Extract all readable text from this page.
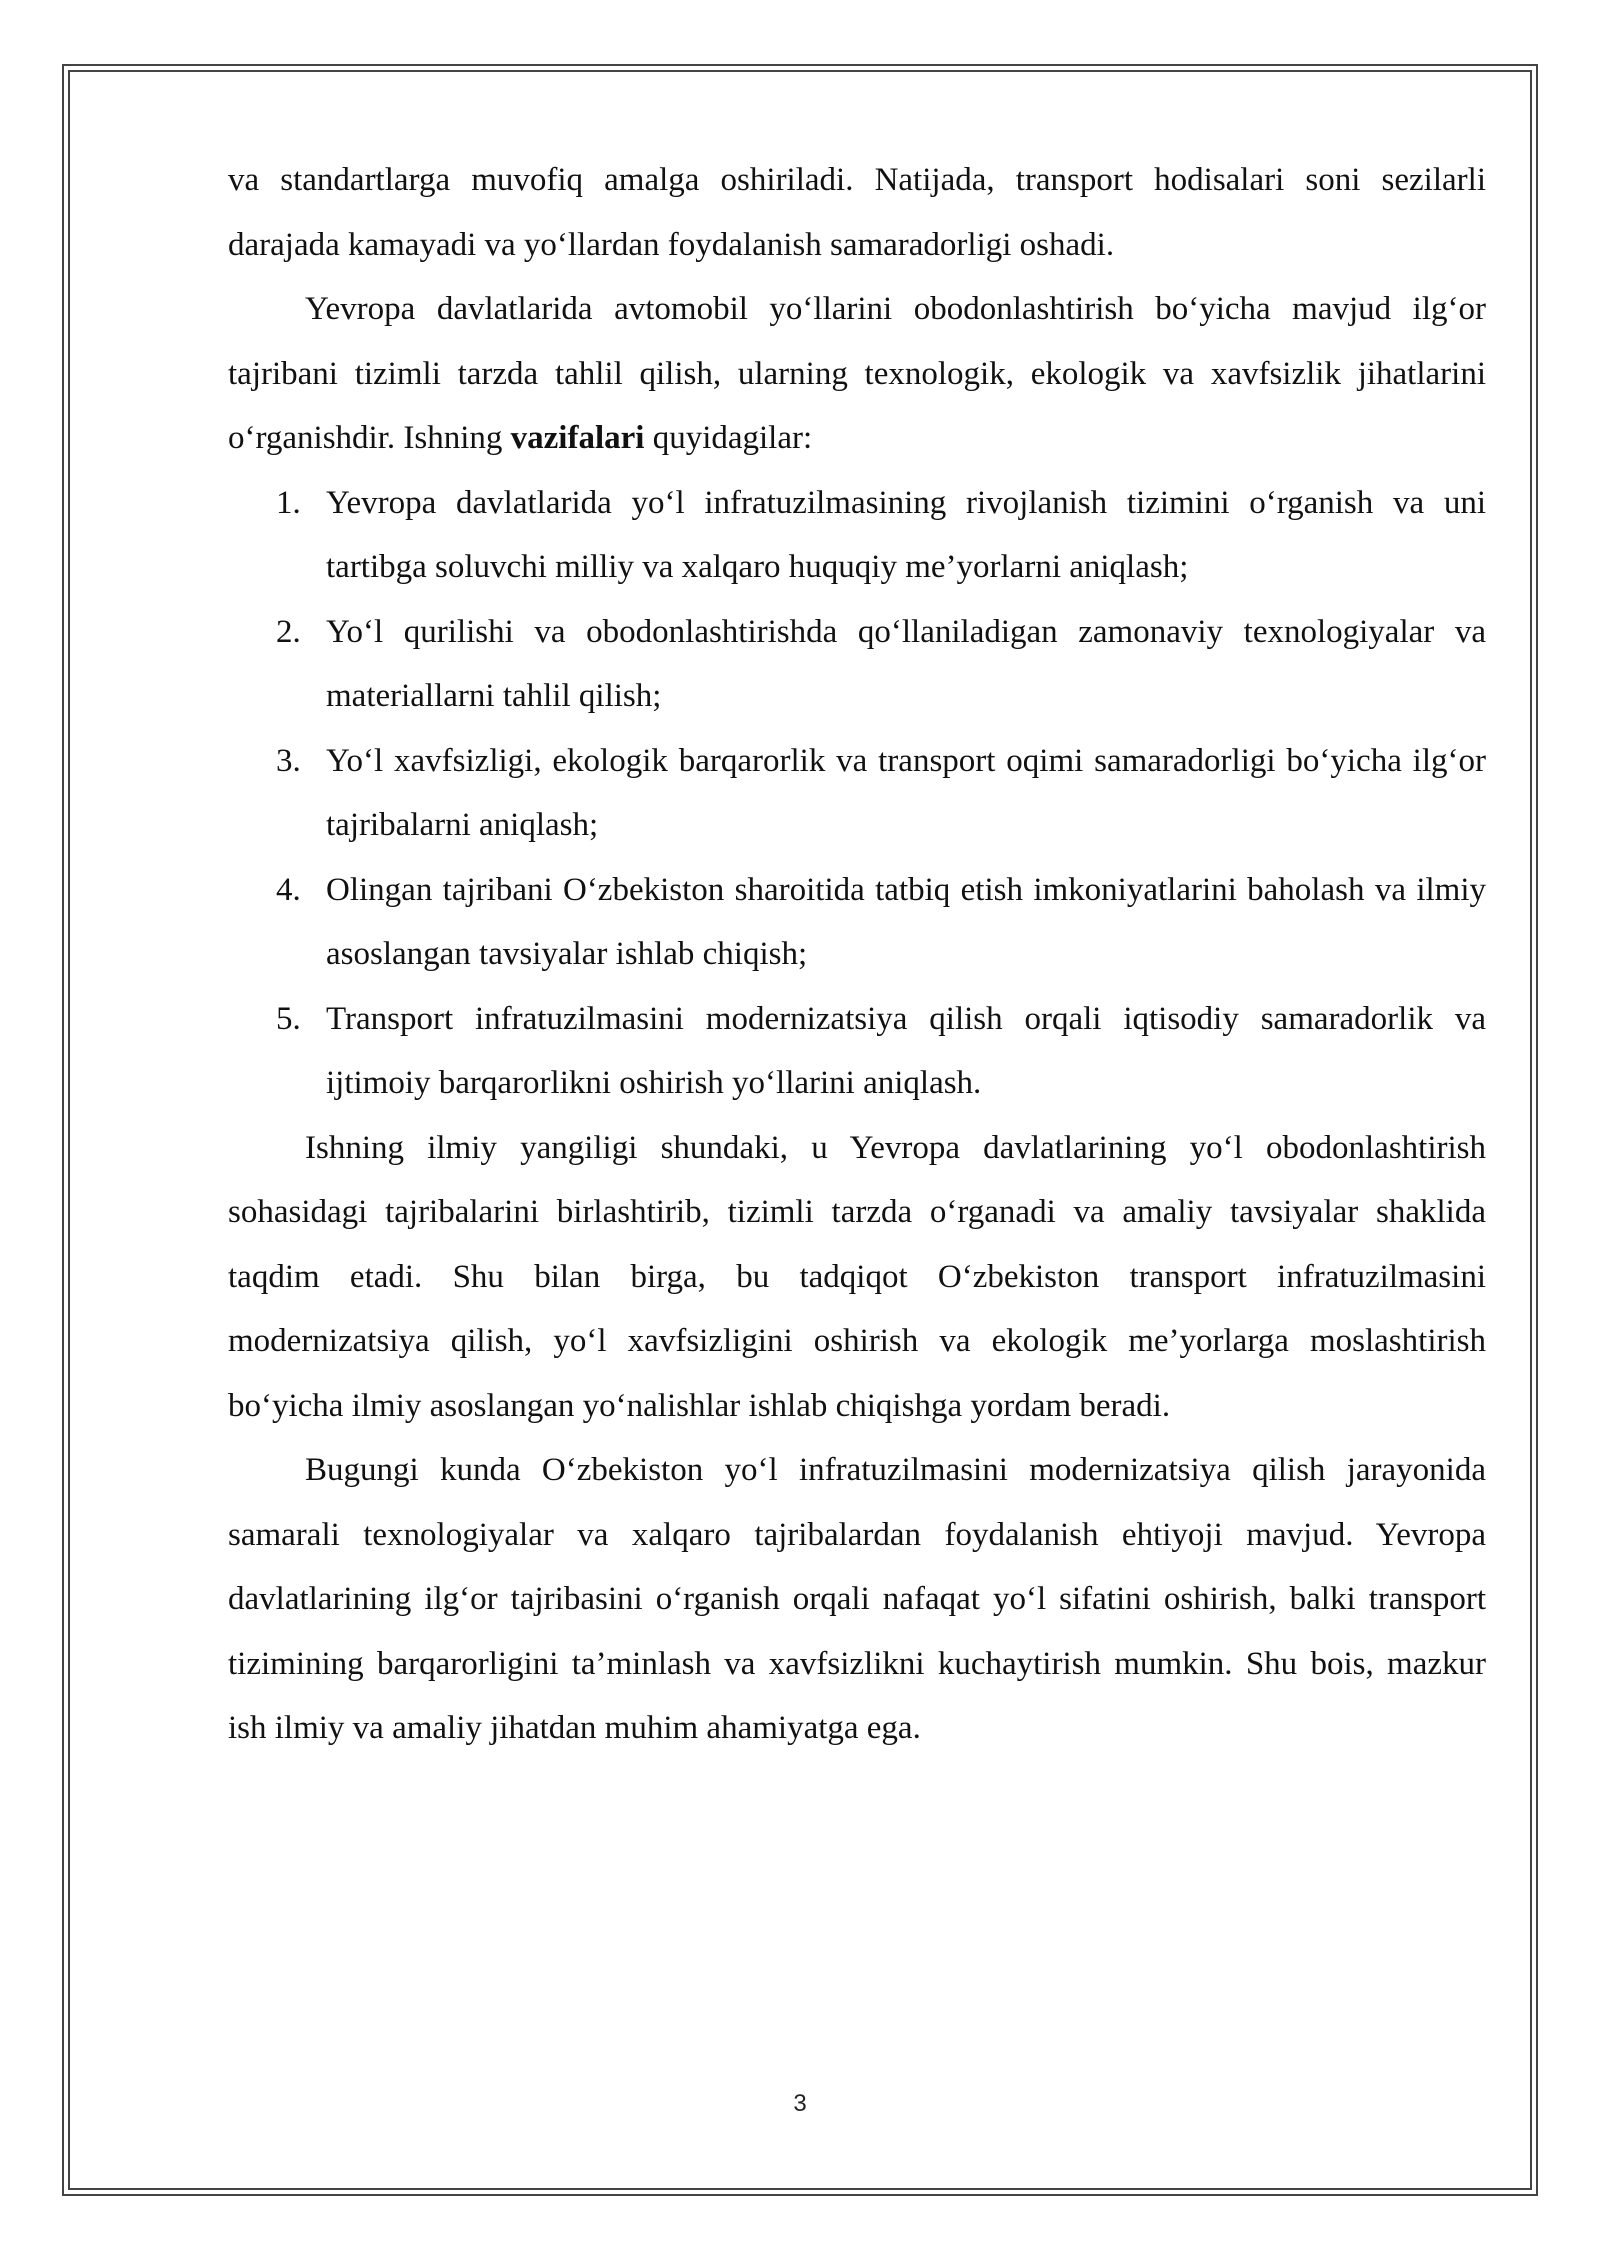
va standartlarga muvofiq amalga oshiriladi. Natijada, transport hodisalari soni sezilarli darajada kamayadi va yo‘llardan foydalanish samaradorligi oshadi.

Yevropa davlatlarida avtomobil yo‘llarini obodonlashtirish bo‘yicha mavjud ilg‘or tajribani tizimli tarzda tahlil qilish, ularning texnologik, ekologik va xavfsizlik jihatlarini o‘rganishdir. Ishning vazifalari quyidagilar:

1. Yevropa davlatlarida yo‘l infratuzilmasining rivojlanish tizimini o‘rganish va uni tartibga soluvchi milliy va xalqaro huquqiy me’yorlarni aniqlash;
2. Yo‘l qurilishi va obodonlashtirishda qo‘llaniladigan zamonaviy texnologiyalar va materiallarni tahlil qilish;
3. Yo‘l xavfsizligi, ekologik barqarorlik va transport oqimi samaradorligi bo‘yicha ilg‘or tajribalarni aniqlash;
4. Olingan tajribani O‘zbekiston sharoitida tatbiq etish imkoniyatlarini baholash va ilmiy asoslangan tavsiyalar ishlab chiqish;
5. Transport infratuzilmasini modernizatsiya qilish orqali iqtisodiy samaradorlik va ijtimoiy barqarorlikni oshirish yo‘llarini aniqlash.

Ishning ilmiy yangiligi shundaki, u Yevropa davlatlarining yo‘l obodonlashtirish sohasidagi tajribalarini birlashtirib, tizimli tarzda o‘rganadi va amaliy tavsiyalar shaklida taqdim etadi. Shu bilan birga, bu tadqiqot O‘zbekiston transport infratuzilmasini modernizatsiya qilish, yo‘l xavfsizligini oshirish va ekologik me’yorlarga moslashtirish bo‘yicha ilmiy asoslangan yo‘nalishlar ishlab chiqishga yordam beradi.

Bugungi kunda O‘zbekiston yo‘l infratuzilmasini modernizatsiya qilish jarayonida samarali texnologiyalar va xalqaro tajribalardan foydalanish ehtiyoji mavjud. Yevropa davlatlarining ilg‘or tajribasini o‘rganish orqali nafaqat yo‘l sifatini oshirish, balki transport tizimining barqarorligini ta’minlash va xavfsizlikni kuchaytirish mumkin. Shu bois, mazkur ish ilmiy va amaliy jihatdan muhim ahamiyatga ega.

3
